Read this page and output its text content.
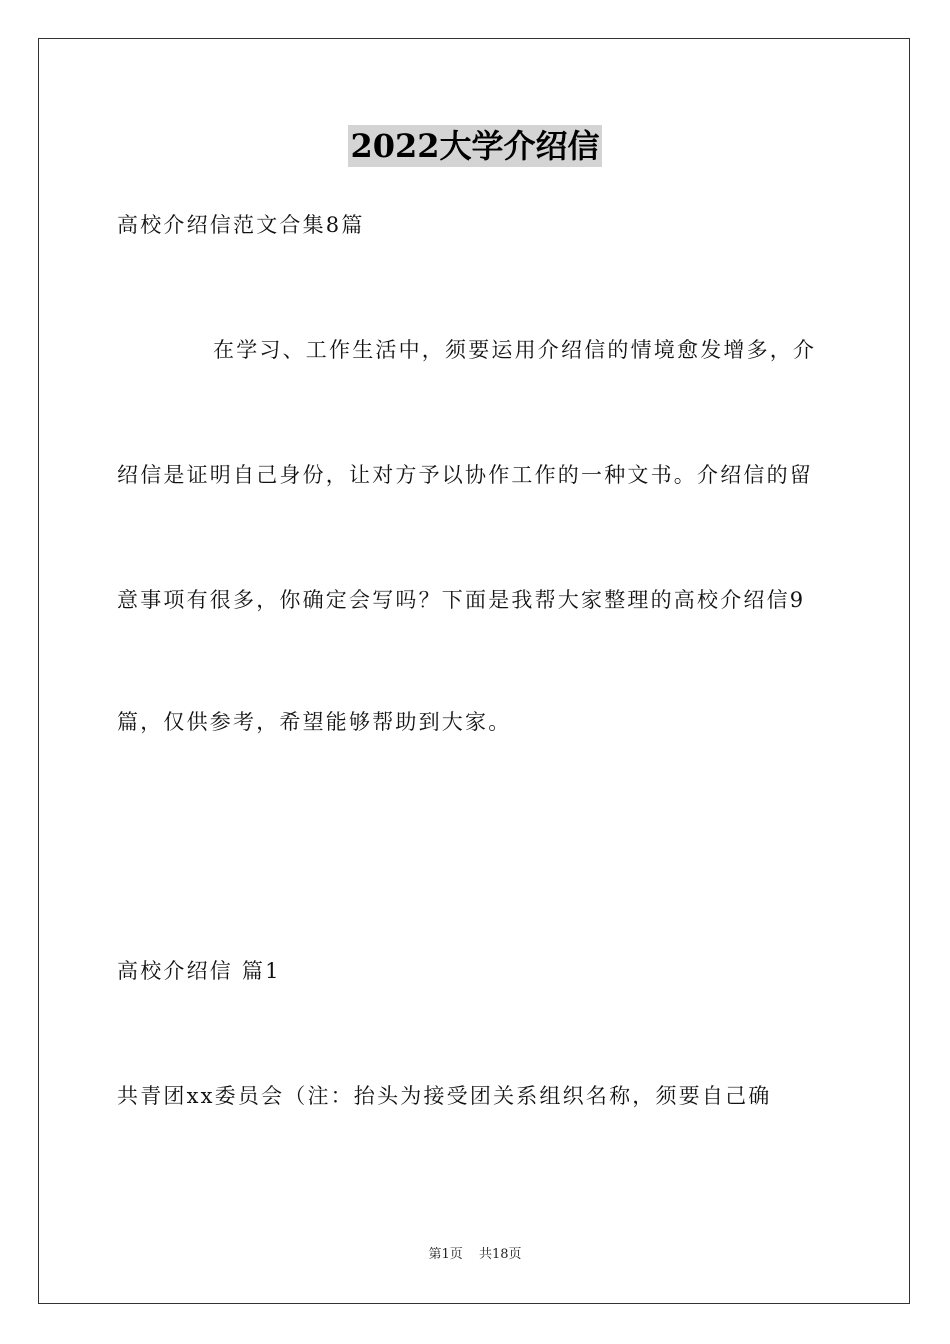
2022大学介绍信
高校介绍信范文合集8篇
在学习、工作生活中，须要运用介绍信的情境愈发增多，介
绍信是证明自己身份，让对方予以协作工作的一种文书。介绍信的留
意事项有很多，你确定会写吗？下面是我帮大家整理的高校介绍信9
篇，仅供参考，希望能够帮助到大家。
高校介绍信 篇1
共青团xx委员会（注：抬头为接受团关系组织名称，须要自己确
第1页 共18页
